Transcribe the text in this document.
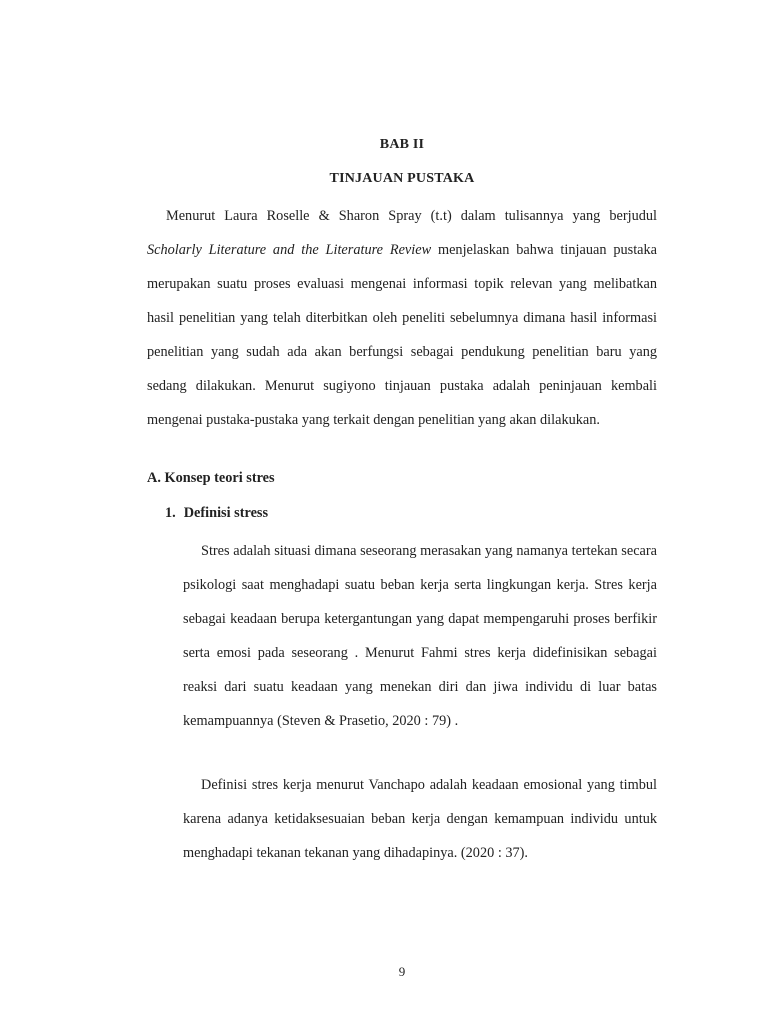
BAB II
TINJAUAN PUSTAKA

Menurut Laura Roselle & Sharon Spray (t.t) dalam tulisannya yang berjudul Scholarly Literature and the Literature Review menjelaskan bahwa tinjauan pustaka merupakan suatu proses evaluasi mengenai informasi topik relevan yang melibatkan hasil penelitian yang telah diterbitkan oleh peneliti sebelumnya dimana hasil informasi penelitian yang sudah ada akan berfungsi sebagai pendukung penelitian baru yang sedang dilakukan. Menurut sugiyono tinjauan pustaka adalah peninjauan kembali mengenai pustaka-pustaka yang terkait dengan penelitian yang akan dilakukan.

A. Konsep teori stres
1. Definisi stress

Stres adalah situasi dimana seseorang merasakan yang namanya tertekan secara psikologi saat menghadapi suatu beban kerja serta lingkungan kerja. Stres kerja sebagai keadaan berupa ketergantungan yang dapat mempengaruhi proses berfikir serta emosi pada seseorang . Menurut Fahmi stres kerja didefinisikan sebagai reaksi dari suatu keadaan yang menekan diri dan jiwa individu di luar batas kemampuannya (Steven & Prasetio, 2020 : 79) .

Definisi stres kerja menurut Vanchapo adalah keadaan emosional yang timbul karena adanya ketidaksesuaian beban kerja dengan kemampuan individu untuk menghadapi tekanan tekanan yang dihadapinya. (2020 : 37).

9
